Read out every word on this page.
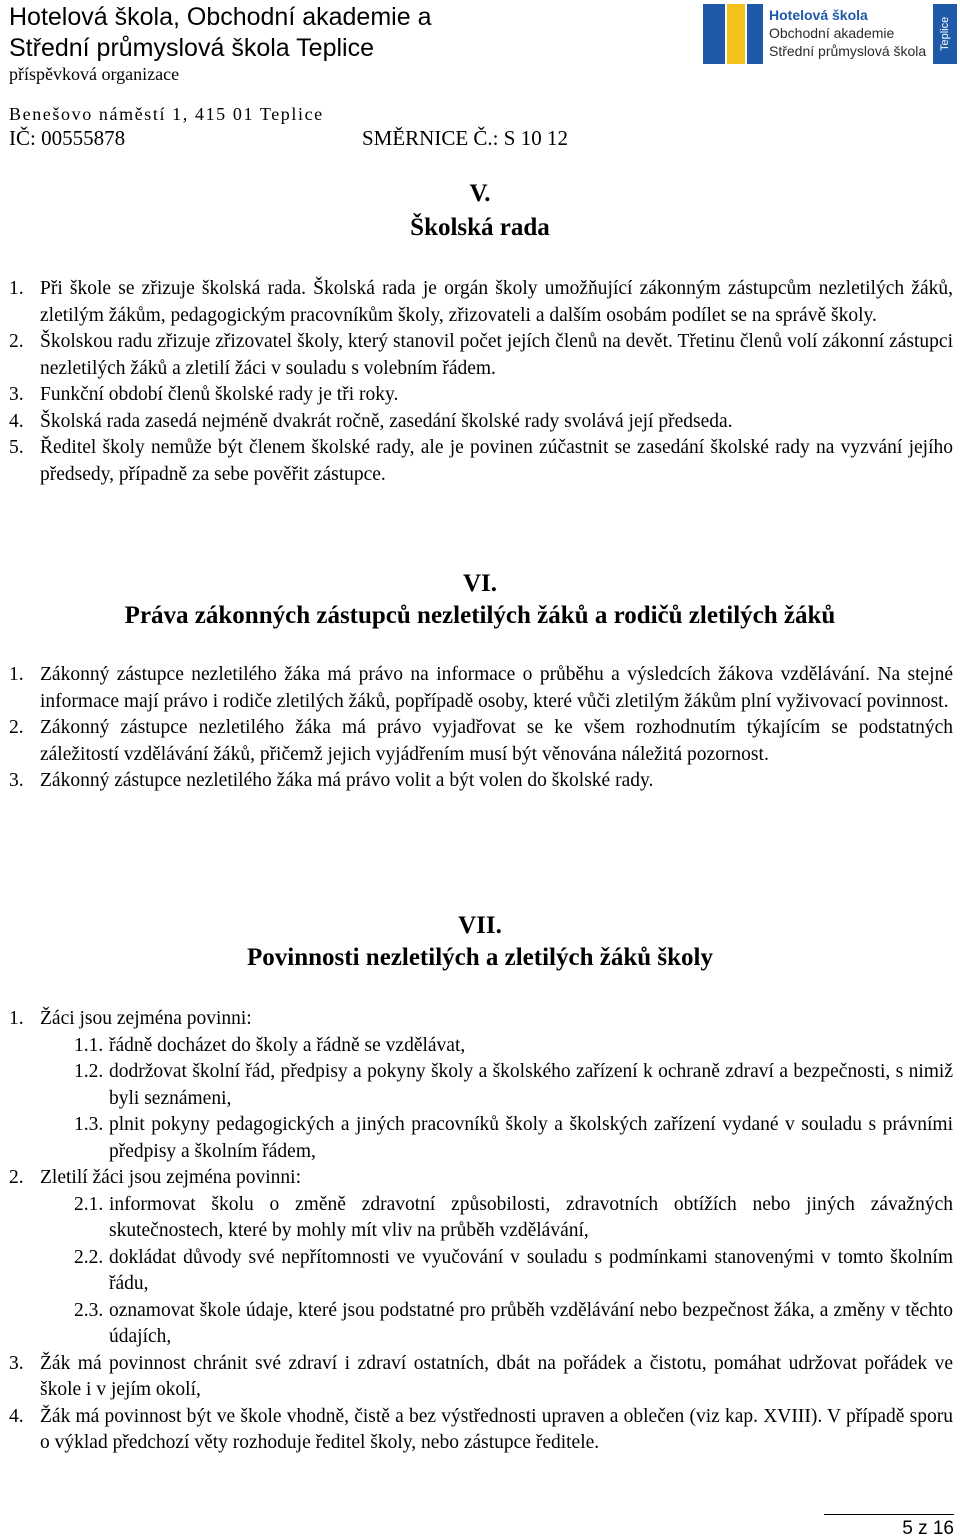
Hotelová škola, Obchodní akademie a
Střední průmyslová škola Teplice
příspěvková organizace
Benešovo náměstí 1, 415 01 Teplice
IČ: 00555878	SMĚRNICE Č.: S 10 12
Hotelová škola
Obchodní akademie
Střední průmyslová škola	Teplice
V.
Školská rada
1. Při škole se zřizuje školská rada. Školská rada je orgán školy umožňující zákonným zástupcům nezletilých žáků, zletilým žákům, pedagogickým pracovníkům školy, zřizovateli a dalším osobám podílet se na správě školy.
2. Školskou radu zřizuje zřizovatel školy, který stanovil počet jejích členů na devět. Třetinu členů volí zákonní zástupci nezletilých žáků a zletilí žáci v souladu s volebním řádem.
3. Funkční období členů školské rady je tři roky.
4. Školská rada zasedá nejméně dvakrát ročně, zasedání školské rady svolává její předseda.
5. Ředitel školy nemůže být členem školské rady, ale je povinen zúčastnit se zasedání školské rady na vyzvání jejího předsedy, případně za sebe pověřit zástupce.
VI.
Práva zákonných zástupců nezletilých žáků a rodičů zletilých žáků
1. Zákonný zástupce nezletilého žáka má právo na informace o průběhu a výsledcích žákova vzdělávání. Na stejné informace mají právo i rodiče zletilých žáků, popřípadě osoby, které vůči zletilým žákům plní vyživovací povinnost.
2. Zákonný zástupce nezletilého žáka má právo vyjadřovat se ke všem rozhodnutím týkajícím se podstatných záležitostí vzdělávání žáků, přičemž jejich vyjádřením musí být věnována náležitá pozornost.
3. Zákonný zástupce nezletilého žáka má právo volit a být volen do školské rady.
VII.
Povinnosti nezletilých a zletilých žáků školy
1. Žáci jsou zejména povinni:
1.1. řádně docházet do školy a řádně se vzdělávat,
1.2. dodržovat školní řád, předpisy a pokyny školy a školského zařízení k ochraně zdraví a bezpečnosti, s nimiž byli seznámeni,
1.3. plnit pokyny pedagogických a jiných pracovníků školy a školských zařízení vydané v souladu s právními předpisy a školním řádem,
2. Zletilí žáci jsou zejména povinni:
2.1. informovat školu o změně zdravotní způsobilosti, zdravotních obtížích nebo jiných závažných skutečnostech, které by mohly mít vliv na průběh vzdělávání,
2.2. dokládat důvody své nepřítomnosti ve vyučování v souladu s podmínkami stanovenými v tomto školním řádu,
2.3. oznamovat škole údaje, které jsou podstatné pro průběh vzdělávání nebo bezpečnost žáka, a změny v těchto údajích,
3. Žák má povinnost chránit své zdraví i zdraví ostatních, dbát na pořádek a čistotu, pomáhat udržovat pořádek ve škole i v jejím okolí,
4. Žák má povinnost být ve škole vhodně, čistě a bez výstřednosti upraven a oblečen (viz kap. XVIII). V případě sporu o výklad předchozí věty rozhoduje ředitel školy, nebo zástupce ředitele.
5 z 16
